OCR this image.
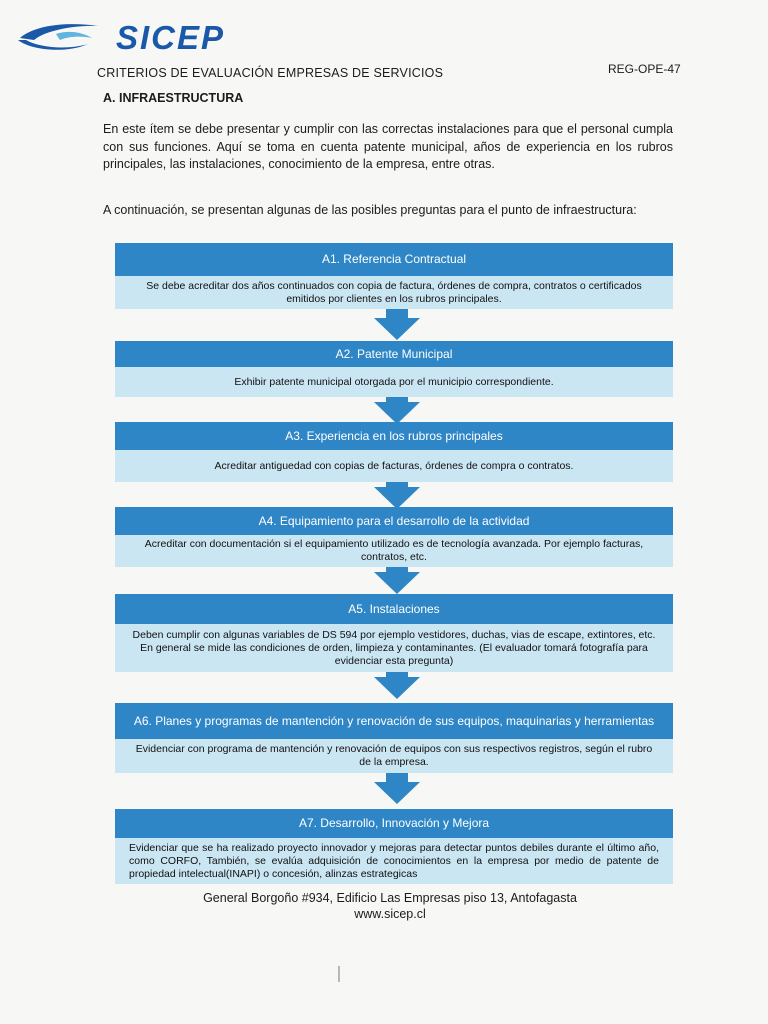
SICEP
CRITERIOS DE EVALUACIÓN EMPRESAS DE SERVICIOS	REG-OPE-47
A. INFRAESTRUCTURA
En este ítem se debe presentar y cumplir con las correctas instalaciones para que el personal cumpla con sus funciones. Aquí se toma en cuenta patente municipal, años de experiencia en los rubros principales, las instalaciones, conocimiento de la empresa, entre otras.
A continuación, se presentan algunas de las posibles preguntas para el punto de infraestructura:
A1. Referencia Contractual
Se debe acreditar dos años continuados con copia de factura, órdenes de compra, contratos o certificados emitidos por clientes en los rubros principales.
A2. Patente Municipal
Exhibir patente municipal otorgada por el municipio correspondiente.
A3. Experiencia en los rubros principales
Acreditar antiguedad con copias de facturas, órdenes de compra o contratos.
A4. Equipamiento para el desarrollo de la actividad
Acreditar con documentación si el equipamiento utilizado es de tecnología avanzada. Por ejemplo facturas, contratos, etc.
A5. Instalaciones
Deben cumplir con algunas variables de DS 594 por ejemplo vestidores, duchas, vias de escape, extintores, etc. En general se mide las condiciones de orden, limpieza y contaminantes. (El evaluador tomará fotografía para evidenciar esta pregunta)
A6. Planes y programas de mantención y renovación de sus equipos, maquinarias y herramientas
Evidenciar con programa de mantención y renovación de equipos con sus respectivos registros, según el rubro de la empresa.
A7. Desarrollo, Innovación y Mejora
Evidenciar que se ha realizado proyecto innovador y mejoras para detectar puntos debiles durante el último año, como CORFO, También, se evalúa adquisición de conocimientos en la empresa por medio de patente de propiedad intelectual(INAPI) o concesión, alinzas estrategicas
General Borgoño #934, Edificio Las Empresas piso 13, Antofagasta
www.sicep.cl
